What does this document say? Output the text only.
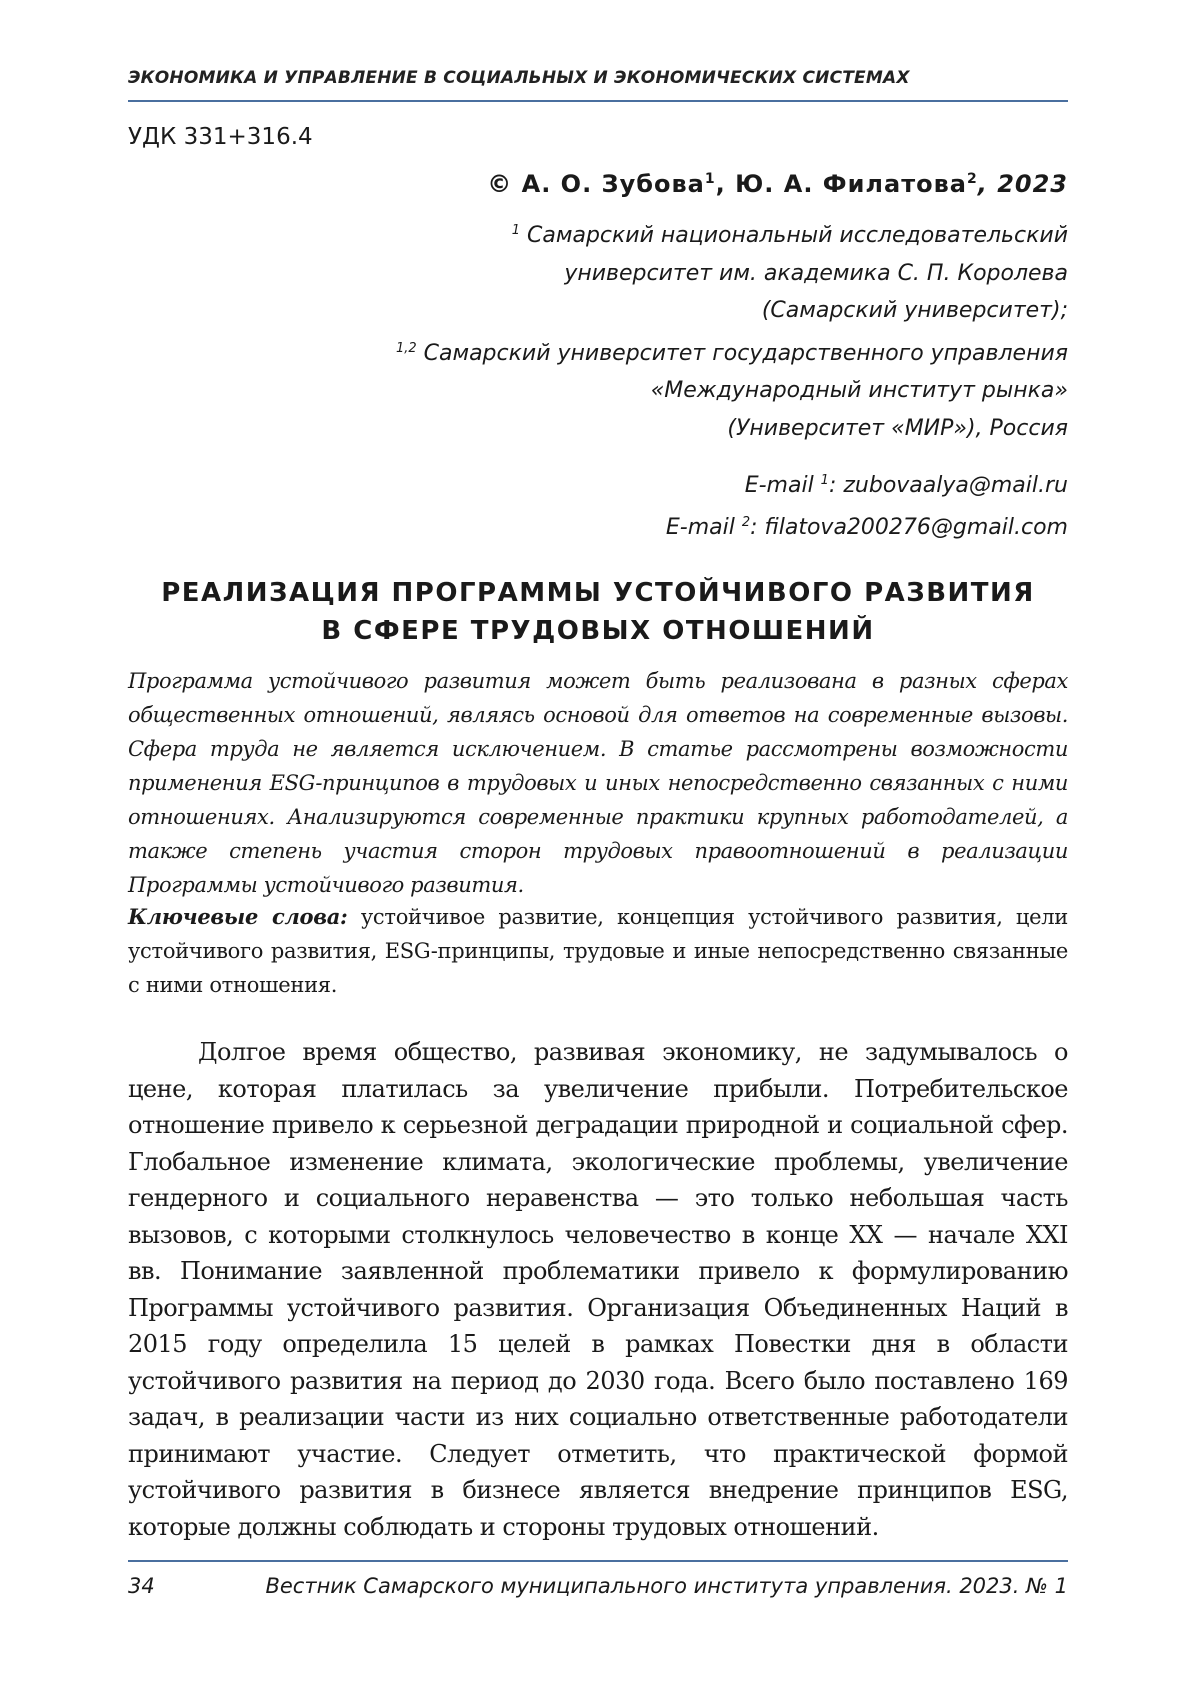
ЭКОНОМИКА И УПРАВЛЕНИЕ В СОЦИАЛЬНЫХ И ЭКОНОМИЧЕСКИХ СИСТЕМАХ
УДК 331+316.4
© А. О. Зубова$^1$, Ю. А. Филатова$^2$, 2023
$^1$ Самарский национальный исследовательский
университет им. академика С. П. Королева
(Самарский университет);
$^{1,2}$ Самарский университет государственного управления
«Международный институт рынка»
(Университет «МИР»), Россия
E-mail $^1$: zubovaalya@mail.ru
E-mail $^2$: filatova200276@gmail.com
РЕАЛИЗАЦИЯ ПРОГРАММЫ УСТОЙЧИВОГО РАЗВИТИЯ
В СФЕРЕ ТРУДОВЫХ ОТНОШЕНИЙ
Программа устойчивого развития может быть реализована в разных сферах общественных отношений, являясь основой для ответов на современные вызовы. Сфера труда не является исключением. В статье рассмотрены возможности применения ESG-принципов в трудовых и иных непосредственно связанных с ними отношениях. Анализируются современные практики крупных работодателей, а также степень участия сторон трудовых правоотношений в реализации Программы устойчивого развития.
Ключевые слова: устойчивое развитие, концепция устойчивого развития, цели устойчивого развития, ESG-принципы, трудовые и иные непосредственно связанные с ними отношения.
Долгое время общество, развивая экономику, не задумывалось о цене, которая платилась за увеличение прибыли. Потребительское отношение привело к серьезной деградации природной и социальной сфер. Глобальное изменение климата, экологические проблемы, увеличение гендерного и социального неравенства — это только небольшая часть вызовов, с которыми столкнулось человечество в конце XX — начале XXI вв. Понимание заявленной проблематики привело к формулированию Программы устойчивого развития. Организация Объединенных Наций в 2015 году определила 15 целей в рамках Повестки дня в области устойчивого развития на период до 2030 года. Всего было поставлено 169 задач, в реализации части из них социально ответственные работодатели принимают участие. Следует отметить, что практической формой устойчивого развития в бизнесе является внедрение принципов ESG, которые должны соблюдать и стороны трудовых отношений.
34	Вестник Самарского муниципального института управления. 2023. № 1
